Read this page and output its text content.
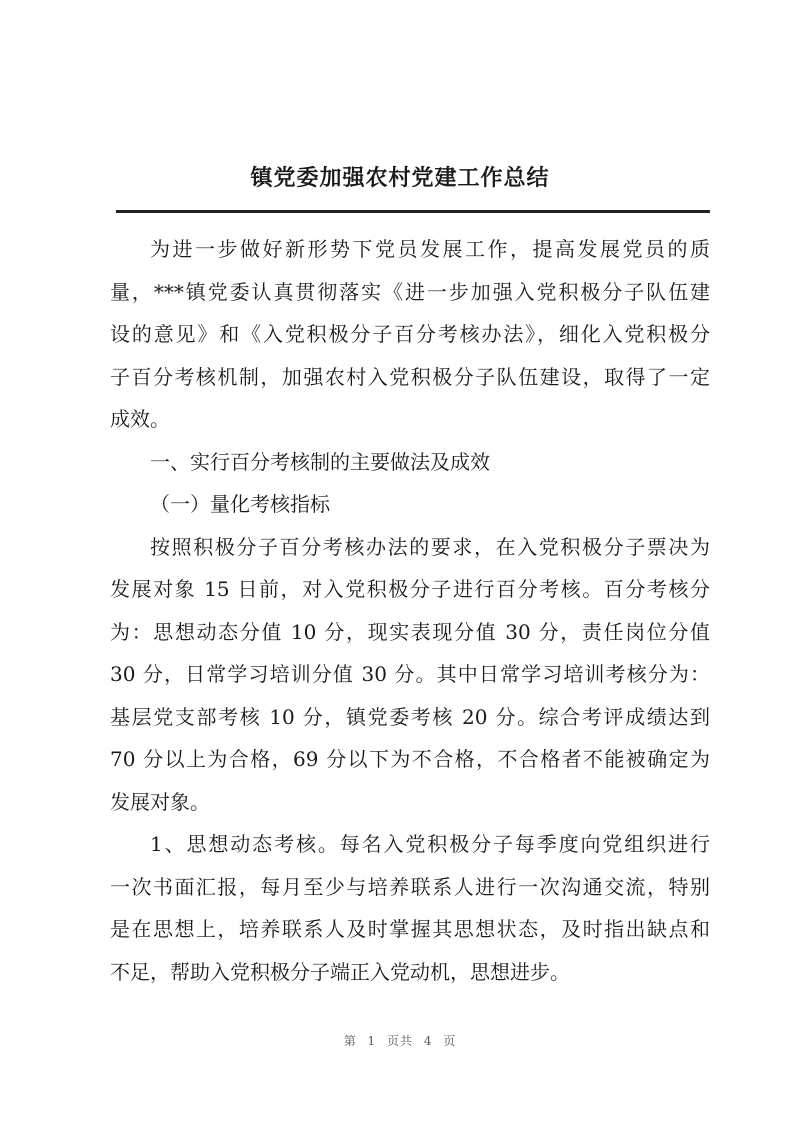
镇党委加强农村党建工作总结
为进一步做好新形势下党员发展工作，提高发展党员的质
量，***镇党委认真贯彻落实《进一步加强入党积极分子队伍建
设的意见》和《入党积极分子百分考核办法》，细化入党积极分
子百分考核机制，加强农村入党积极分子队伍建设，取得了一定
成效。
一、实行百分考核制的主要做法及成效
（一）量化考核指标
按照积极分子百分考核办法的要求，在入党积极分子票决为
发展对象 15 日前，对入党积极分子进行百分考核。百分考核分
为：思想动态分值 10 分，现实表现分值 30 分，责任岗位分值
30 分，日常学习培训分值 30 分。其中日常学习培训考核分为：
基层党支部考核 10 分，镇党委考核 20 分。综合考评成绩达到
70 分以上为合格，69 分以下为不合格，不合格者不能被确定为
发展对象。
1、思想动态考核。每名入党积极分子每季度向党组织进行
一次书面汇报，每月至少与培养联系人进行一次沟通交流，特别
是在思想上，培养联系人及时掌握其思想状态，及时指出缺点和
不足，帮助入党积极分子端正入党动机，思想进步。
第 1 页共 4 页
